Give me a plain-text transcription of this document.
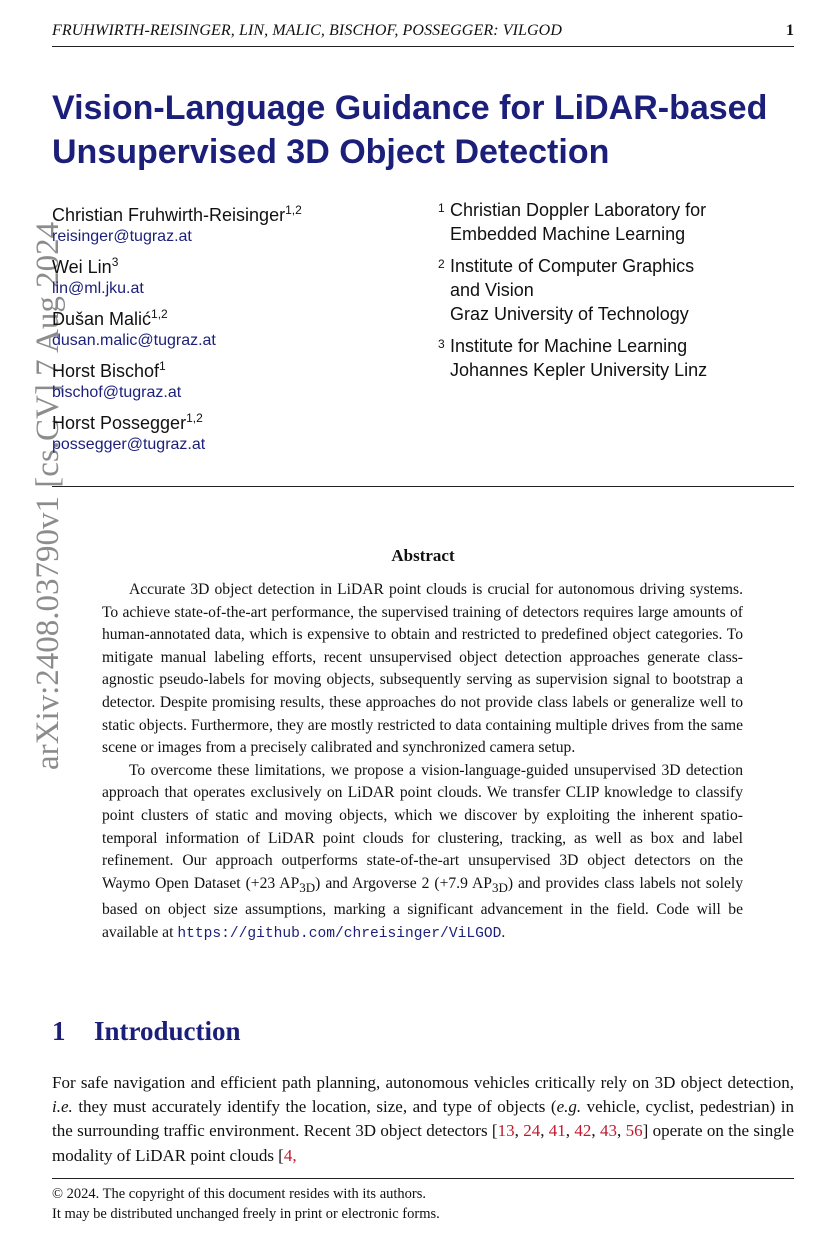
FRUHWIRTH-REISINGER, LIN, MALIC, BISCHOF, POSSEGGER: VILGOD	1
arXiv:2408.03790v1 [cs.CV] 7 Aug 2024
Vision-Language Guidance for LiDAR-based
Unsupervised 3D Object Detection
Christian Fruhwirth-Reisinger$^{1,2}$
reisinger@tugraz.at
Wei Lin$^3$
lin@ml.jku.at
Dušan Malić$^{1,2}$
dusan.malic@tugraz.at
Horst Bischof$^1$
bischof@tugraz.at
Horst Possegger$^{1,2}$
possegger@tugraz.at
1 Christian Doppler Laboratory for
Embedded Machine Learning
2 Institute of Computer Graphics
and Vision
Graz University of Technology
3 Institute for Machine Learning
Johannes Kepler University Linz
Abstract

Accurate 3D object detection in LiDAR point clouds is crucial for autonomous driving systems. To achieve state-of-the-art performance, the supervised training of detectors requires large amounts of human-annotated data, which is expensive to obtain and restricted to predefined object categories. To mitigate manual labeling efforts, recent unsupervised object detection approaches generate class-agnostic pseudo-labels for moving objects, subsequently serving as supervision signal to bootstrap a detector. Despite promising results, these approaches do not provide class labels or generalize well to static objects. Furthermore, they are mostly restricted to data containing multiple drives from the same scene or images from a precisely calibrated and synchronized camera setup.

To overcome these limitations, we propose a vision-language-guided unsupervised 3D detection approach that operates exclusively on LiDAR point clouds. We transfer CLIP knowledge to classify point clusters of static and moving objects, which we discover by exploiting the inherent spatio-temporal information of LiDAR point clouds for clustering, tracking, as well as box and label refinement. Our approach outperforms state-of-the-art unsupervised 3D object detectors on the Waymo Open Dataset (+23 $AP_{3D}$) and Argoverse 2 (+7.9 $AP_{3D}$) and provides class labels not solely based on object size assumptions, marking a significant advancement in the field. Code will be available at https://github.com/chreisinger/ViLGOD.

1 Introduction

For safe navigation and efficient path planning, autonomous vehicles critically rely on 3D object detection, i.e. they must accurately identify the location, size, and type of objects (e.g. vehicle, cyclist, pedestrian) in the surrounding traffic environment. Recent 3D object detectors [13, 24, 41, 42, 43, 56] operate on the single modality of LiDAR point clouds [4,

© 2024. The copyright of this document resides with its authors.
It may be distributed unchanged freely in print or electronic forms.
